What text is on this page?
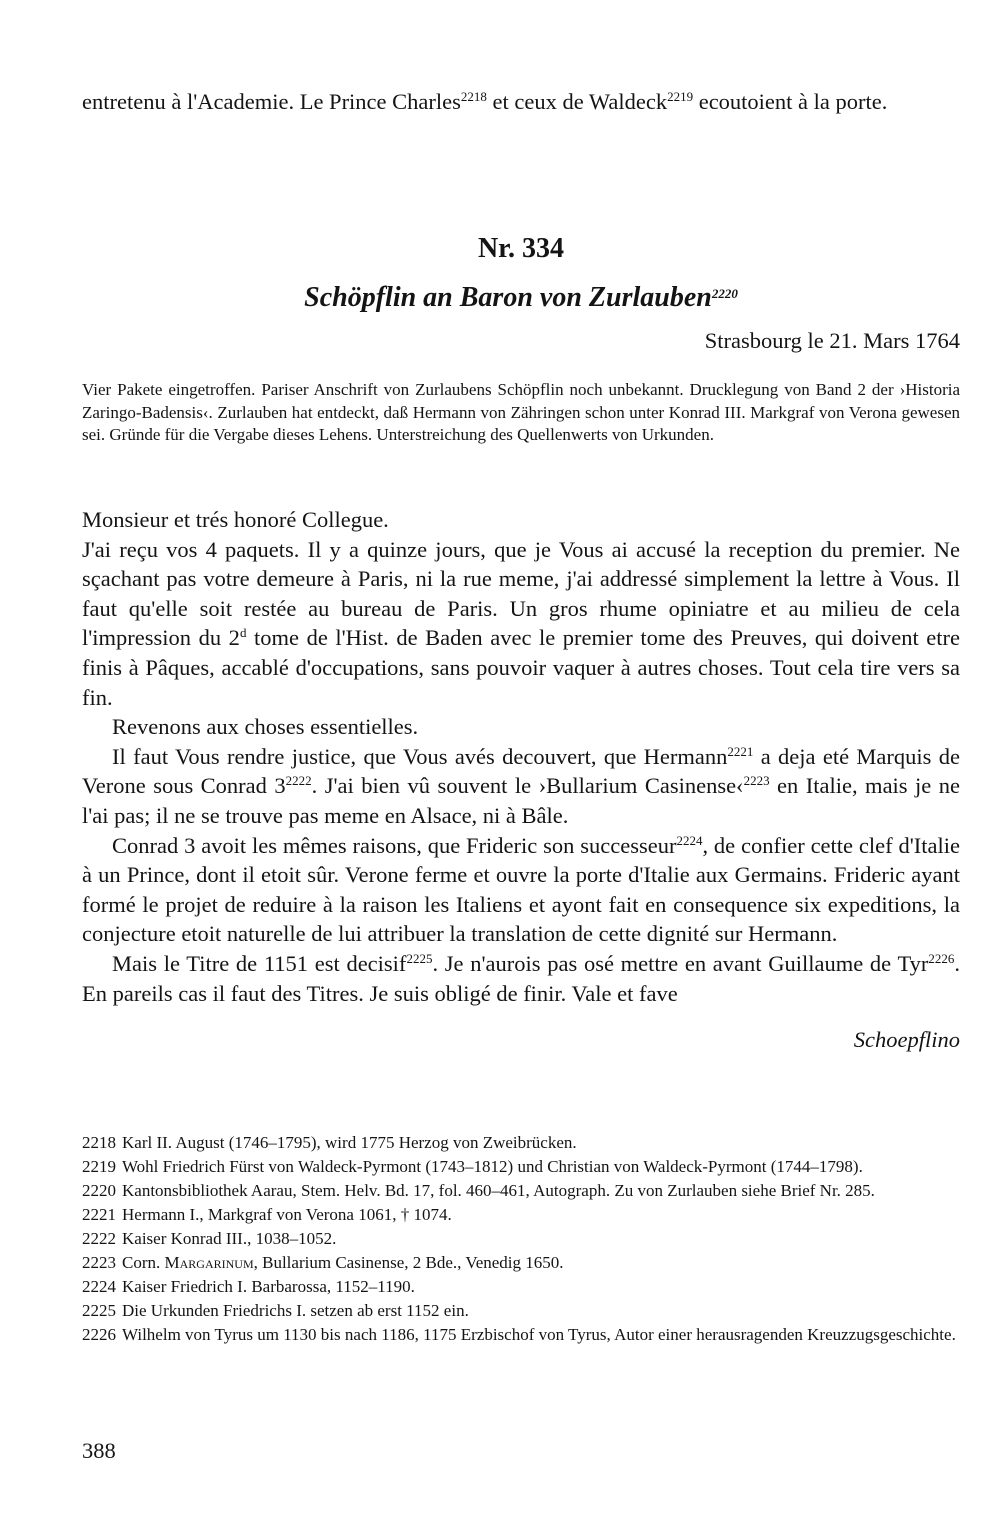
entretenu à l'Academie. Le Prince Charles$^{2218}$ et ceux de Waldeck$^{2219}$ ecoutoient à la porte.

Nr. 334
Schöpflin an Baron von Zurlauben$^{2220}$

Strasbourg le 21. Mars 1764

Vier Pakete eingetroffen. Pariser Anschrift von Zurlaubens Schöpflin noch unbekannt. Drucklegung von Band 2 der ›Historia Zaringo-Badensis‹. Zurlauben hat entdeckt, daß Hermann von Zähringen schon unter Konrad III. Markgraf von Verona gewesen sei. Gründe für die Vergabe dieses Lehens. Unterstreichung des Quellenwerts von Urkunden.

Monsieur et trés honoré Collegue.

J'ai reçu vos 4 paquets. Il y a quinze jours, que je Vous ai accusé la reception du premier. Ne sçachant pas votre demeure à Paris, ni la rue meme, j'ai addressé simplement la lettre à Vous. Il faut qu'elle soit restée au bureau de Paris. Un gros rhume opiniatre et au milieu de cela l'impression du 2$^d$ tome de l'Hist. de Baden avec le premier tome des Preuves, qui doivent etre finis à Pâques, accablé d'occupations, sans pouvoir vaquer à autres choses. Tout cela tire vers sa fin.

Revenons aux choses essentielles.

Il faut Vous rendre justice, que Vous avés decouvert, que Hermann$^{2221}$ a deja eté Marquis de Verone sous Conrad $3^{2222}$. J'ai bien vû souvent le ›Bullarium Casinense‹$^{2223}$ en Italie, mais je ne l'ai pas; il ne se trouve pas meme en Alsace, ni à Bâle.

Conrad 3 avoit les mêmes raisons, que Frideric son successeur$^{2224}$, de confier cette clef d'Italie à un Prince, dont il etoit sûr. Verone ferme et ouvre la porte d'Italie aux Germains. Frideric ayant formé le projet de reduire à la raison les Italiens et ayont fait en consequence six expeditions, la conjecture etoit naturelle de lui attribuer la translation de cette dignité sur Hermann.

Mais le Titre de 1151 est decisif$^{2225}$. Je n'aurois pas osé mettre en avant Guillaume de Tyr$^{2226}$. En pareils cas il faut des Titres. Je suis obligé de finir. Vale et fave

Schoepflino

2218 Karl II. August (1746–1795), wird 1775 Herzog von Zweibrücken.
2219 Wohl Friedrich Fürst von Waldeck-Pyrmont (1743–1812) und Christian von Waldeck-Pyrmont (1744–1798).
2220 Kantonsbibliothek Aarau, Stem. Helv. Bd. 17, fol. 460–461, Autograph. Zu von Zurlauben siehe Brief Nr. 285.
2221 Hermann I., Markgraf von Verona 1061, † 1074.
2222 Kaiser Konrad III., 1038–1052.
2223 Corn. Margarinum, Bullarium Casinense, 2 Bde., Venedig 1650.
2224 Kaiser Friedrich I. Barbarossa, 1152–1190.
2225 Die Urkunden Friedrichs I. setzen ab erst 1152 ein.
2226 Wilhelm von Tyrus um 1130 bis nach 1186, 1175 Erzbischof von Tyrus, Autor einer herausragenden Kreuzzugsgeschichte.

388
